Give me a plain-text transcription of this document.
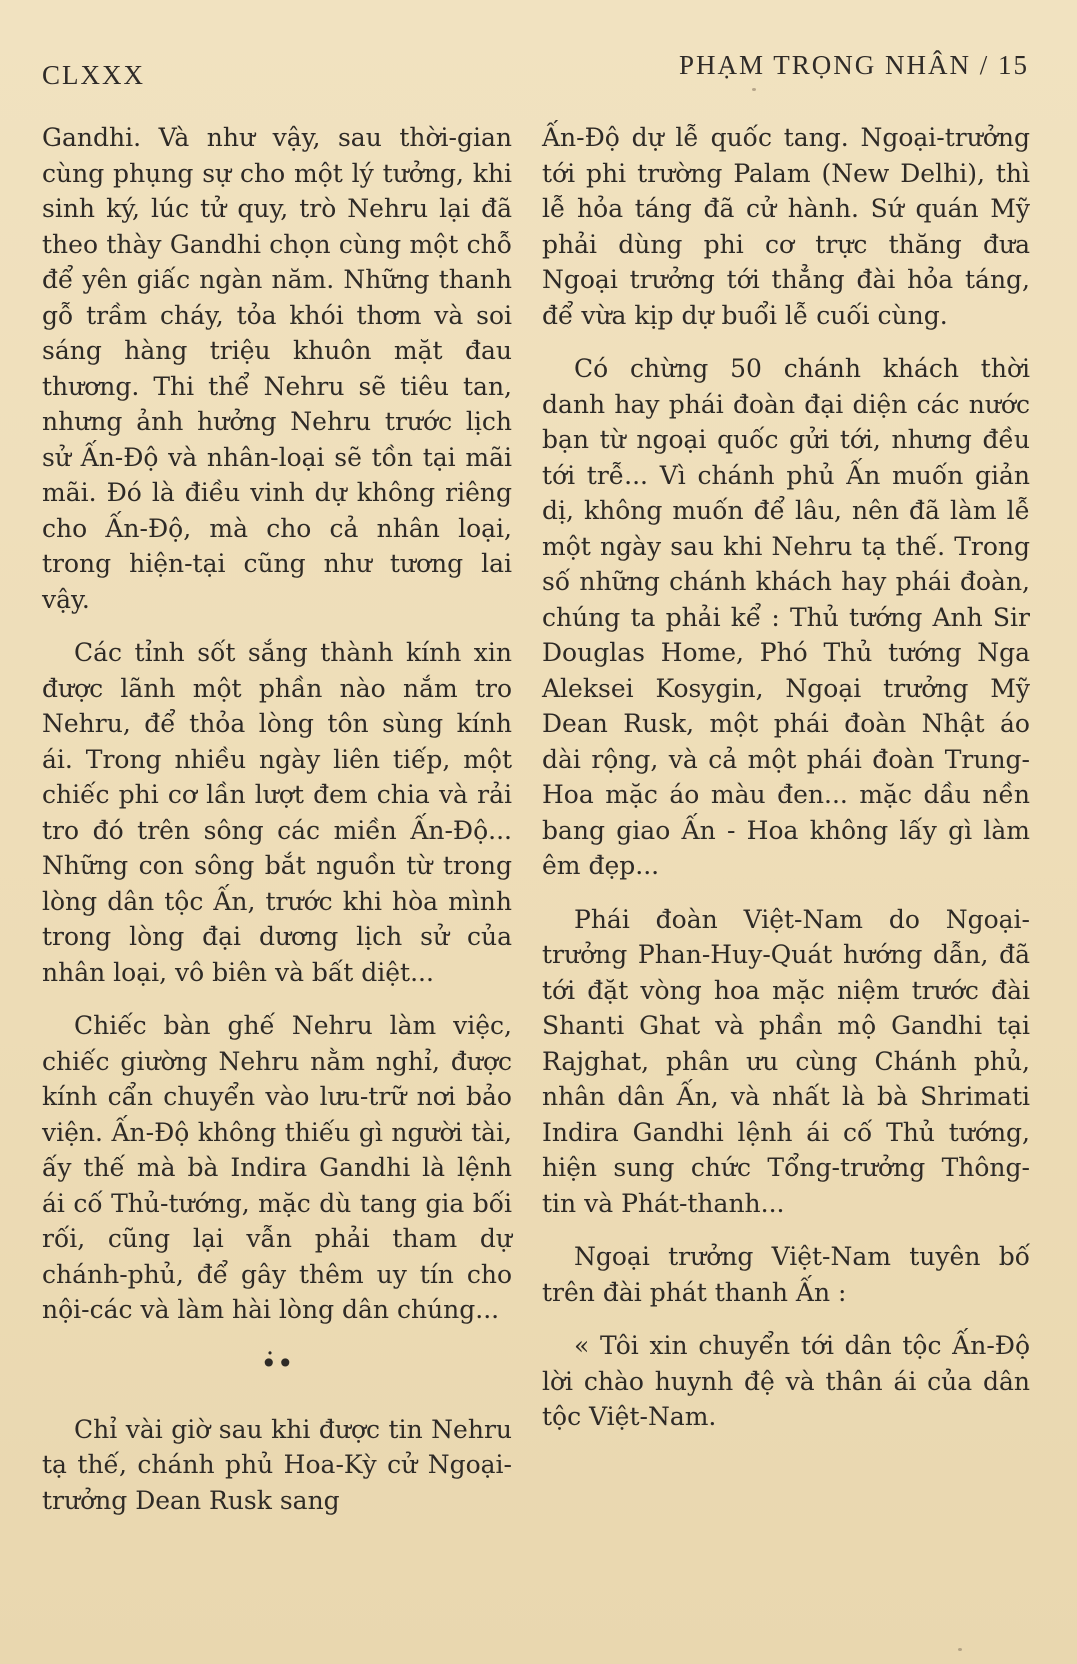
CLXXX	PHẠM TRỌNG NHÂN / 15

Gandhi. Và như vậy, sau thời-gian cùng phụng sự cho một lý tưởng, khi sinh ký, lúc tử quy, trò Nehru lại đã theo thày Gandhi chọn cùng một chỗ để yên giấc ngàn năm. Những thanh gỗ trầm cháy, tỏa khói thơm và soi sáng hàng triệu khuôn mặt đau thương. Thi thể Nehru sẽ tiêu tan, nhưng ảnh hưởng Nehru trước lịch sử Ấn-Độ và nhân-loại sẽ tồn tại mãi mãi. Đó là điều vinh dự không riêng cho Ấn-Độ, mà cho cả nhân loại, trong hiện-tại cũng như tương lai vậy.

Các tỉnh sốt sắng thành kính xin được lãnh một phần nào nắm tro Nehru, để thỏa lòng tôn sùng kính ái. Trong nhiều ngày liên tiếp, một chiếc phi cơ lần lượt đem chia và rải tro đó trên sông các miền Ấn-Độ... Những con sông bắt nguồn từ trong lòng dân tộc Ấn, trước khi hòa mình trong lòng đại dương lịch sử của nhân loại, vô biên và bất diệt...

Chiếc bàn ghế Nehru làm việc, chiếc giường Nehru nằm nghỉ, được kính cẩn chuyển vào lưu-trữ nơi bảo viện. Ấn-Độ không thiếu gì người tài, ấy thế mà bà Indira Gandhi là lệnh ái cố Thủ-tướng, mặc dù tang gia bối rối, cũng lại vẫn phải tham dự chánh-phủ, để gây thêm uy tín cho nội-các và làm hài lòng dân chúng...

•̇•

Chỉ vài giờ sau khi được tin Nehru tạ thế, chánh phủ Hoa-Kỳ cử Ngoại-trưởng Dean Rusk sang

Ấn-Độ dự lễ quốc tang. Ngoại-trưởng tới phi trường Palam (New Delhi), thì lễ hỏa táng đã cử hành. Sứ quán Mỹ phải dùng phi cơ trực thăng đưa Ngoại trưởng tới thẳng đài hỏa táng, để vừa kịp dự buổi lễ cuối cùng.

Có chừng 50 chánh khách thời danh hay phái đoàn đại diện các nước bạn từ ngoại quốc gửi tới, nhưng đều tới trễ... Vì chánh phủ Ấn muốn giản dị, không muốn để lâu, nên đã làm lễ một ngày sau khi Nehru tạ thế. Trong số những chánh khách hay phái đoàn, chúng ta phải kể : Thủ tướng Anh Sir Douglas Home, Phó Thủ tướng Nga Aleksei Kosygin, Ngoại trưởng Mỹ Dean Rusk, một phái đoàn Nhật áo dài rộng, và cả một phái đoàn Trung-Hoa mặc áo màu đen... mặc dầu nền bang giao Ấn - Hoa không lấy gì làm êm đẹp...

Phái đoàn Việt-Nam do Ngoại-trưởng Phan-Huy-Quát hướng dẫn, đã tới đặt vòng hoa mặc niệm trước đài Shanti Ghat và phần mộ Gandhi tại Rajghat, phân ưu cùng Chánh phủ, nhân dân Ấn, và nhất là bà Shrimati Indira Gandhi lệnh ái cố Thủ tướng, hiện sung chức Tổng-trưởng Thông-tin và Phát-thanh...

Ngoại trưởng Việt-Nam tuyên bố trên đài phát thanh Ấn :

« Tôi xin chuyển tới dân tộc Ấn-Độ lời chào huynh đệ và thân ái của dân tộc Việt-Nam.
